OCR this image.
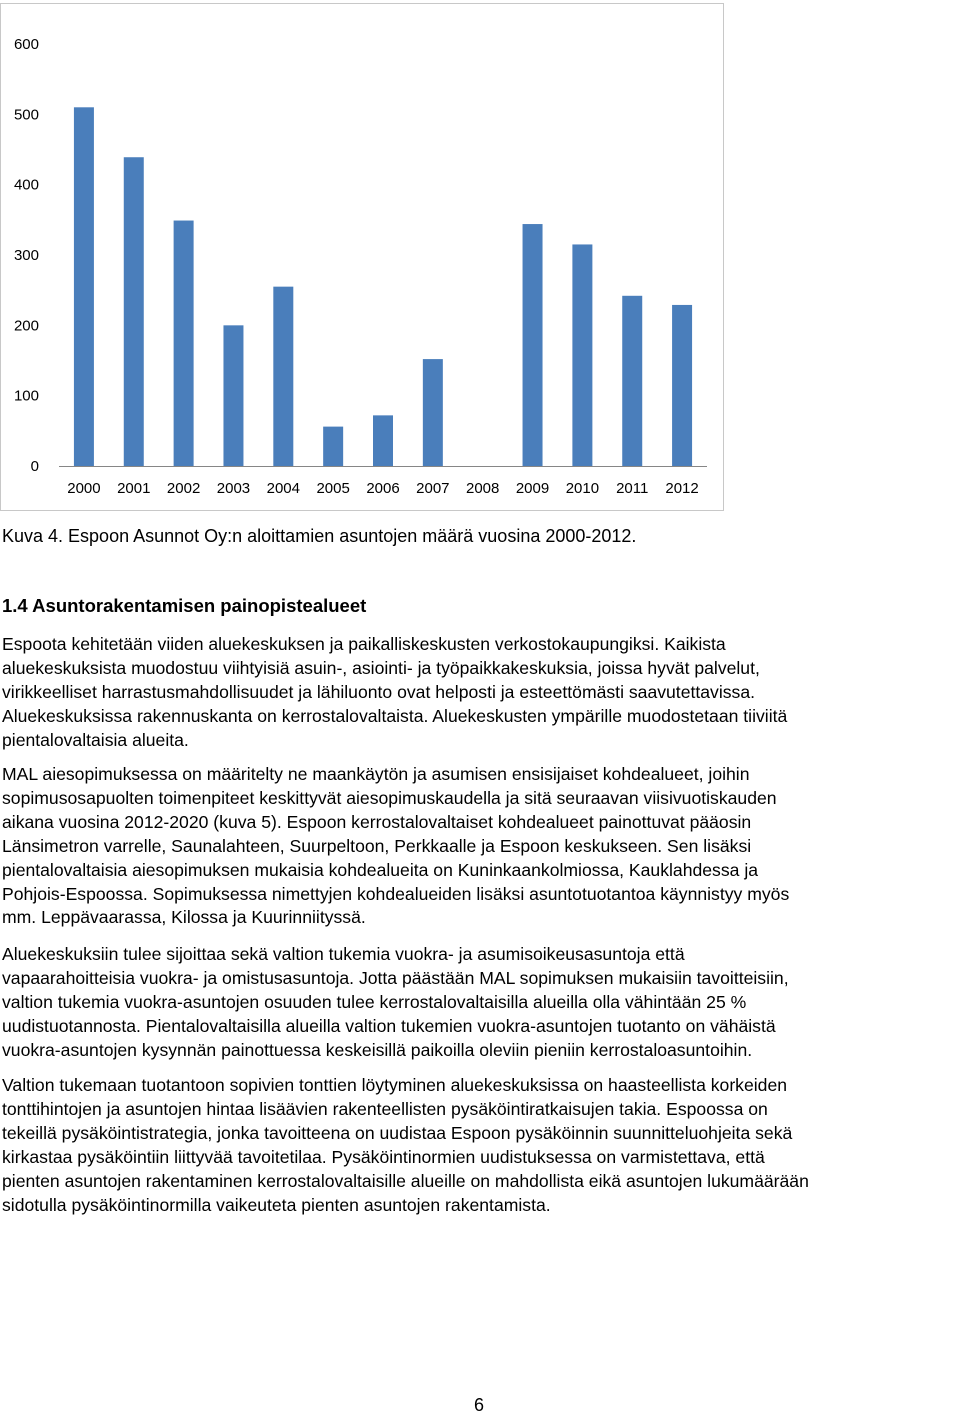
0
100
200
300
400
500
600
2000 2001 2002 2003 2004 2005 2006 2007 2008 2009 2010 2011 2012
Kuva 4. Espoon Asunnot Oy:n aloittamien asuntojen määrä vuosina 2000-2012.
1.4 Asuntorakentamisen painopistealueet
Espoota kehitetään viiden aluekeskuksen ja paikalliskeskusten verkostokaupungiksi. Kaikista
aluekeskuksista muodostuu viihtyisiä asuin-, asiointi- ja työpaikkakeskuksia, joissa hyvät palvelut,
virikkeelliset harrastusmahdollisuudet ja lähiluonto ovat helposti ja esteettömästi saavutettavissa.
Aluekeskuksissa rakennuskanta on kerrostalovaltaista. Aluekeskusten ympärille muodostetaan tiiviitä
pientalovaltaisia alueita.
MAL aiesopimuksessa on määritelty ne maankäytön ja asumisen ensisijaiset kohdealueet, joihin
sopimusosapuolten toimenpiteet keskittyvät aiesopimuskaudella ja sitä seuraavan viisivuotiskauden
aikana vuosina 2012-2020 (kuva 5). Espoon kerrostalovaltaiset kohdealueet painottuvat pääosin
Länsimetron varrelle, Saunalahteen, Suurpeltoon, Perkkaalle ja Espoon keskukseen. Sen lisäksi
pientalovaltaisia aiesopimuksen mukaisia kohdealueita on Kuninkaankolmiossa, Kauklahdessa ja
Pohjois-Espoossa. Sopimuksessa nimettyjen kohdealueiden lisäksi asuntotuotantoa käynnistyy myös
mm. Leppävaarassa, Kilossa ja Kuurinniityssä.
Aluekeskuksiin tulee sijoittaa sekä valtion tukemia vuokra- ja asumisoikeusasuntoja että
vapaarahoitteisia vuokra- ja omistusasuntoja. Jotta päästään MAL sopimuksen mukaisiin tavoitteisiin,
valtion tukemia vuokra-asuntojen osuuden tulee kerrostalovaltaisilla alueilla olla vähintään 25 %
uudistuotannosta. Pientalovaltaisilla alueilla valtion tukemien vuokra-asuntojen tuotanto on vähäistä
vuokra-asuntojen kysynnän painottuessa keskeisillä paikoilla oleviin pieniin kerrostaloasuntoihin.
Valtion tukemaan tuotantoon sopivien tonttien löytyminen aluekeskuksissa on haasteellista korkeiden
tonttihintojen ja asuntojen hintaa lisäävien rakenteellisten pysäköintiratkaisujen takia. Espoossa on
tekeillä pysäköintistrategia, jonka tavoitteena on uudistaa Espoon pysäköinnin suunnitteluohjeita sekä
kirkastaa pysäköintiin liittyvää tavoitetilaa. Pysäköintinormien uudistuksessa on varmistettava, että
pienten asuntojen rakentaminen kerrostalovaltaisille alueille on mahdollista eikä asuntojen lukumäärään
sidotulla pysäköintinormilla vaikeuteta pienten asuntojen rakentamista.
6
